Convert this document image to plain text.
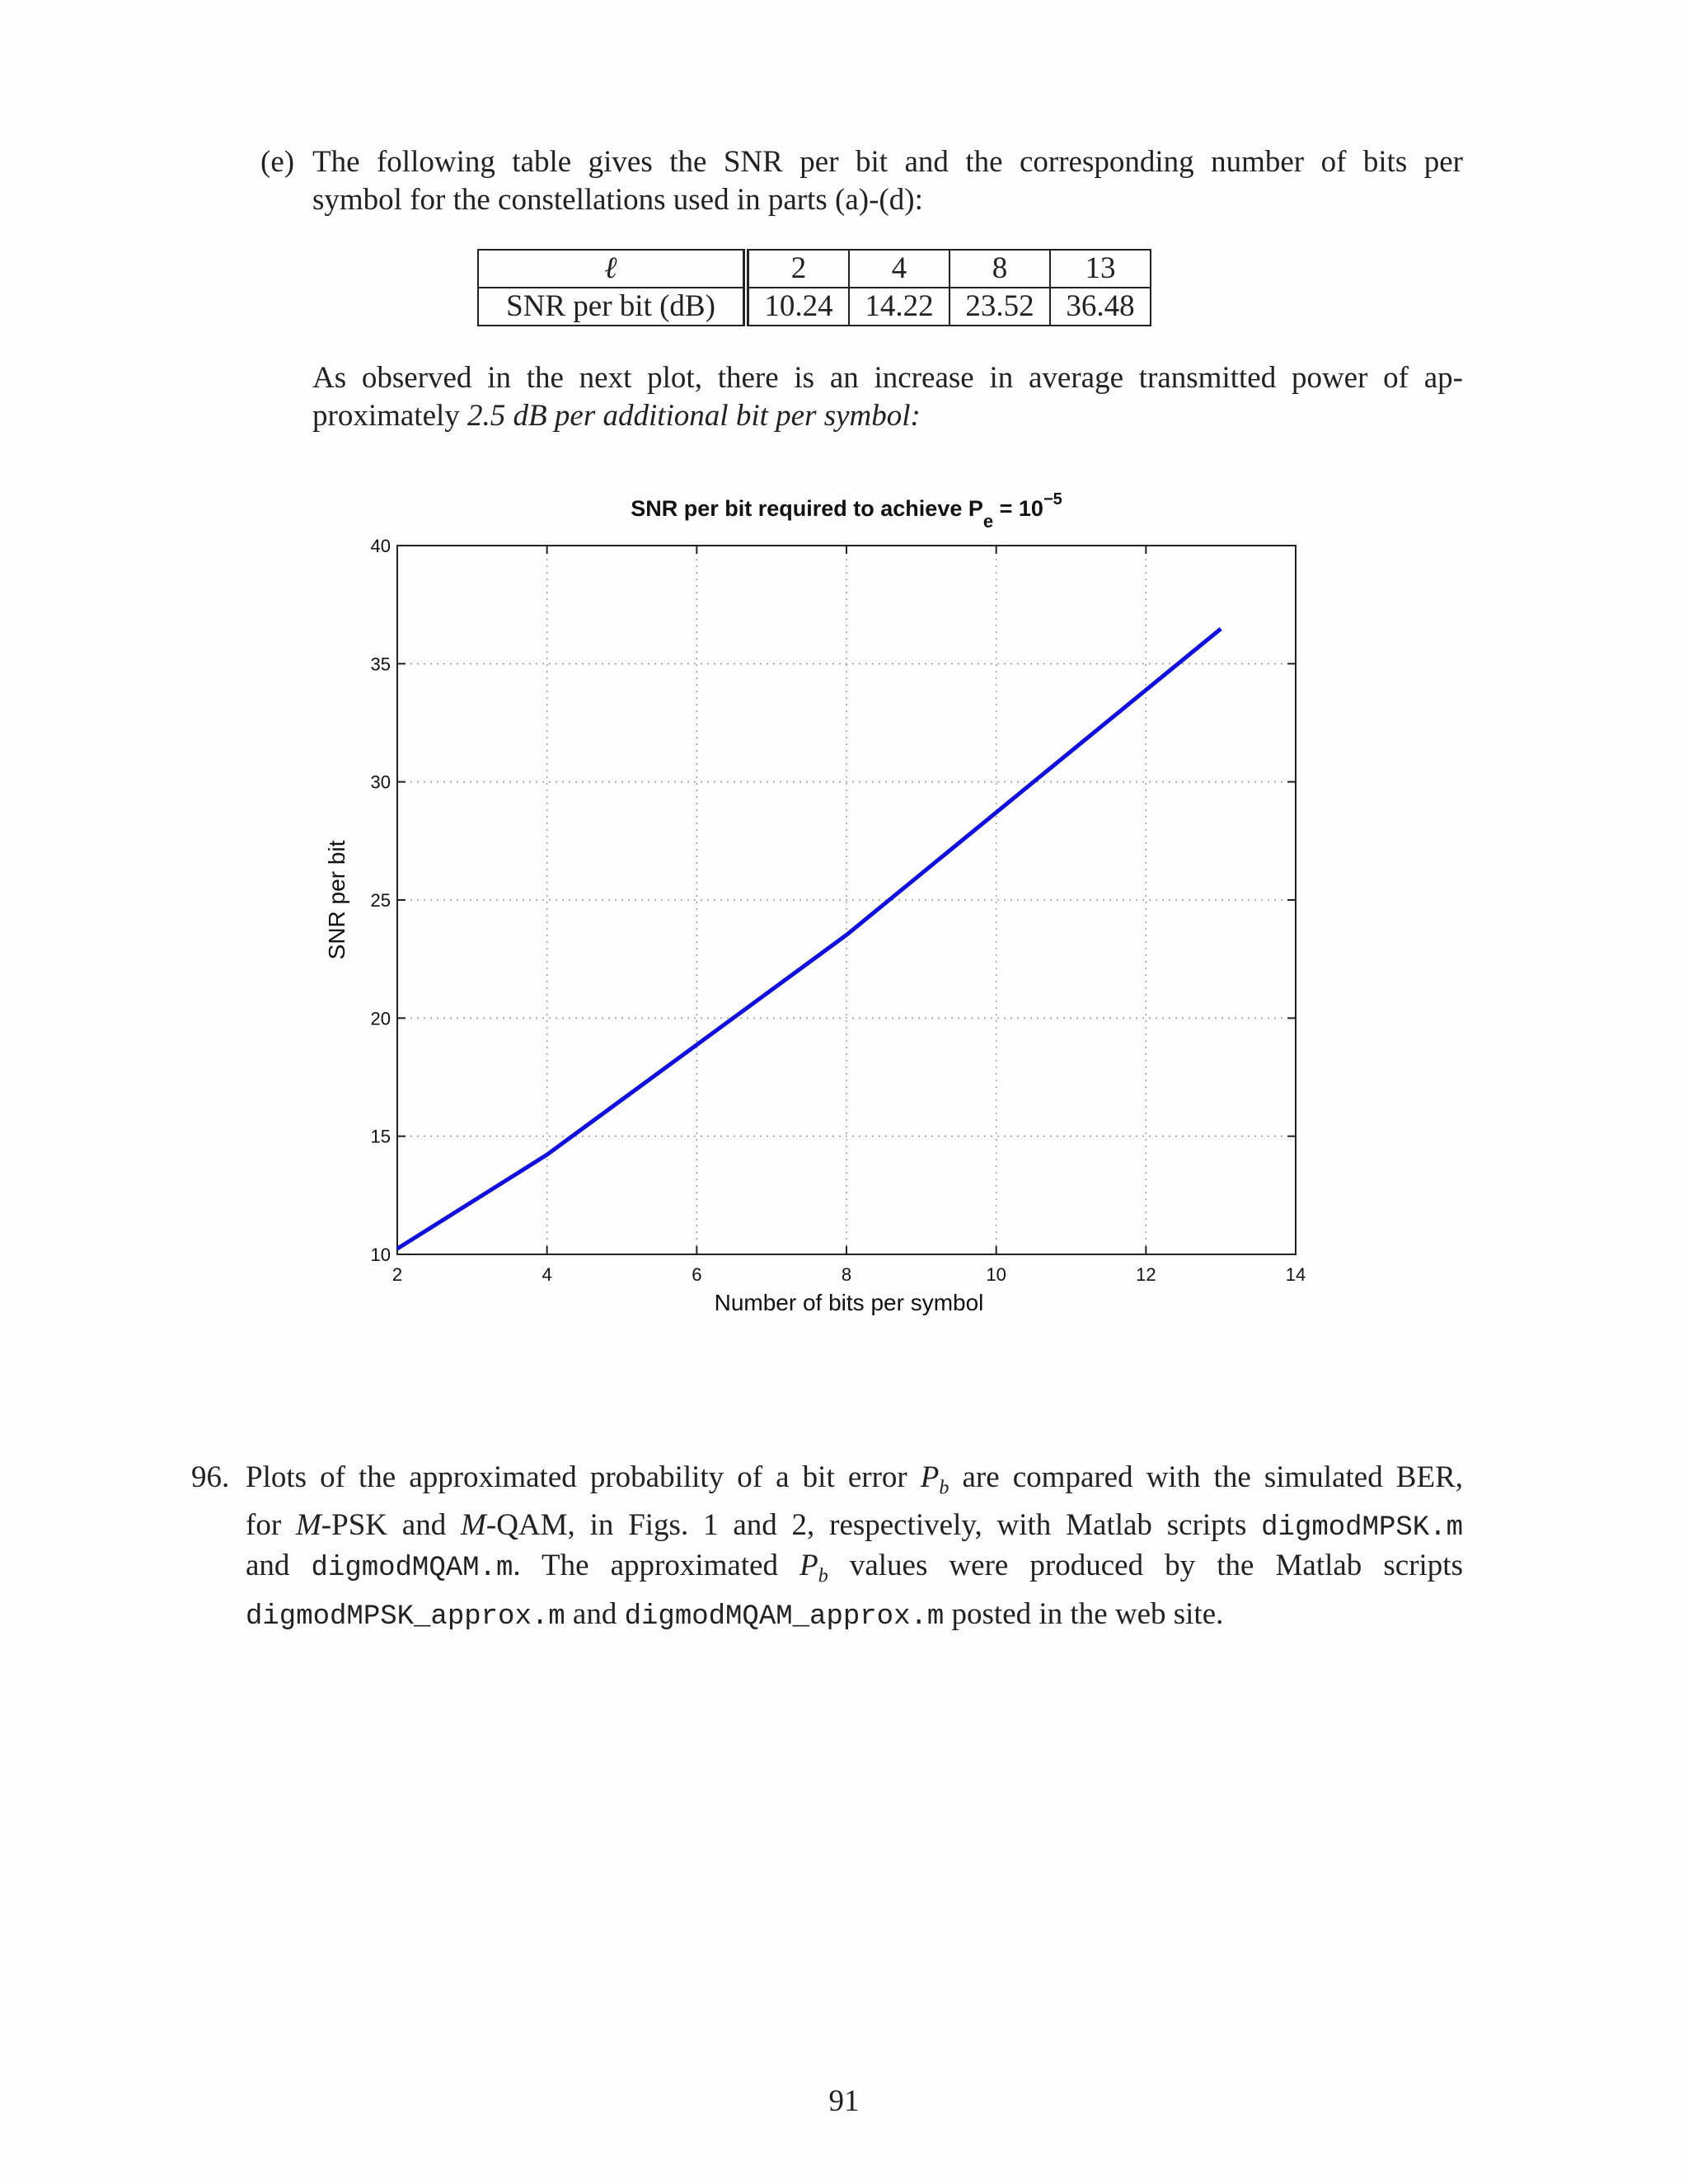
(e) The following table gives the SNR per bit and the corresponding number of bits per
symbol for the constellations used in parts (a)-(d):
ℓ	2	4	8	13
SNR per bit (dB)	10.24	14.22	23.52	36.48
As observed in the next plot, there is an increase in average transmitted power of ap-
proximately 2.5 dB per additional bit per symbol:
2	4	6	8	10	12	14
10
15
20
25
30
35
40
SNR per bit required to achieve $P_e = 10^{-5}$
Number of bits per symbol
SNR per bit
96. Plots of the approximated probability of a bit error $P_b$ are compared with the simulated BER,
for M-PSK and M-QAM, in Figs. 1 and 2, respectively, with Matlab scripts digmodMPSK.m
and digmodMQAM.m. The approximated $P_b$ values were produced by the Matlab scripts
digmodMPSK_approx.m and digmodMQAM_approx.m posted in the web site.
91
